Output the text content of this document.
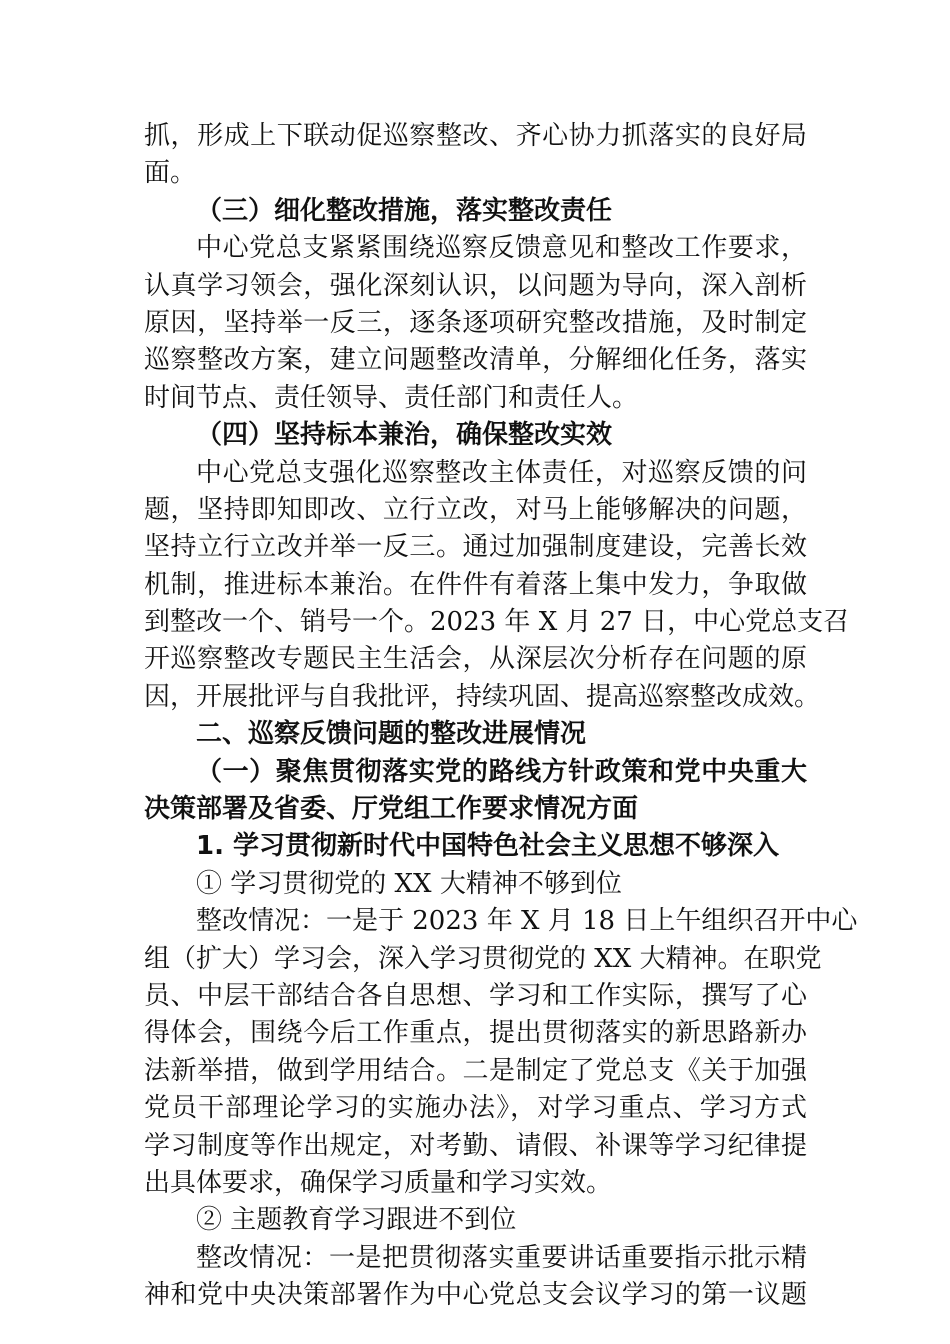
抓，形成上下联动促巡察整改、齐心协力抓落实的良好局
面。
（三）细化整改措施，落实整改责任
中心党总支紧紧围绕巡察反馈意见和整改工作要求，
认真学习领会，强化深刻认识，以问题为导向，深入剖析
原因，坚持举一反三，逐条逐项研究整改措施，及时制定
巡察整改方案，建立问题整改清单，分解细化任务，落实
时间节点、责任领导、责任部门和责任人。
（四）坚持标本兼治，确保整改实效
中心党总支强化巡察整改主体责任，对巡察反馈的问
题，坚持即知即改、立行立改，对马上能够解决的问题，
坚持立行立改并举一反三。通过加强制度建设，完善长效
机制，推进标本兼治。在件件有着落上集中发力，争取做
到整改一个、销号一个。2023 年 X 月 27 日，中心党总支召
开巡察整改专题民主生活会，从深层次分析存在问题的原
因，开展批评与自我批评，持续巩固、提高巡察整改成效。
二、巡察反馈问题的整改进展情况
（一）聚焦贯彻落实党的路线方针政策和党中央重大
决策部署及省委、厅党组工作要求情况方面
1. 学习贯彻新时代中国特色社会主义思想不够深入
① 学习贯彻党的 XX 大精神不够到位
整改情况：一是于 2023 年 X 月 18 日上午组织召开中心
组（扩大）学习会，深入学习贯彻党的 XX 大精神。在职党
员、中层干部结合各自思想、学习和工作实际，撰写了心
得体会，围绕今后工作重点，提出贯彻落实的新思路新办
法新举措，做到学用结合。二是制定了党总支《关于加强
党员干部理论学习的实施办法》，对学习重点、学习方式
学习制度等作出规定，对考勤、请假、补课等学习纪律提
出具体要求，确保学习质量和学习实效。
② 主题教育学习跟进不到位
整改情况：一是把贯彻落实重要讲话重要指示批示精
神和党中央决策部署作为中心党总支会议学习的第一议题
